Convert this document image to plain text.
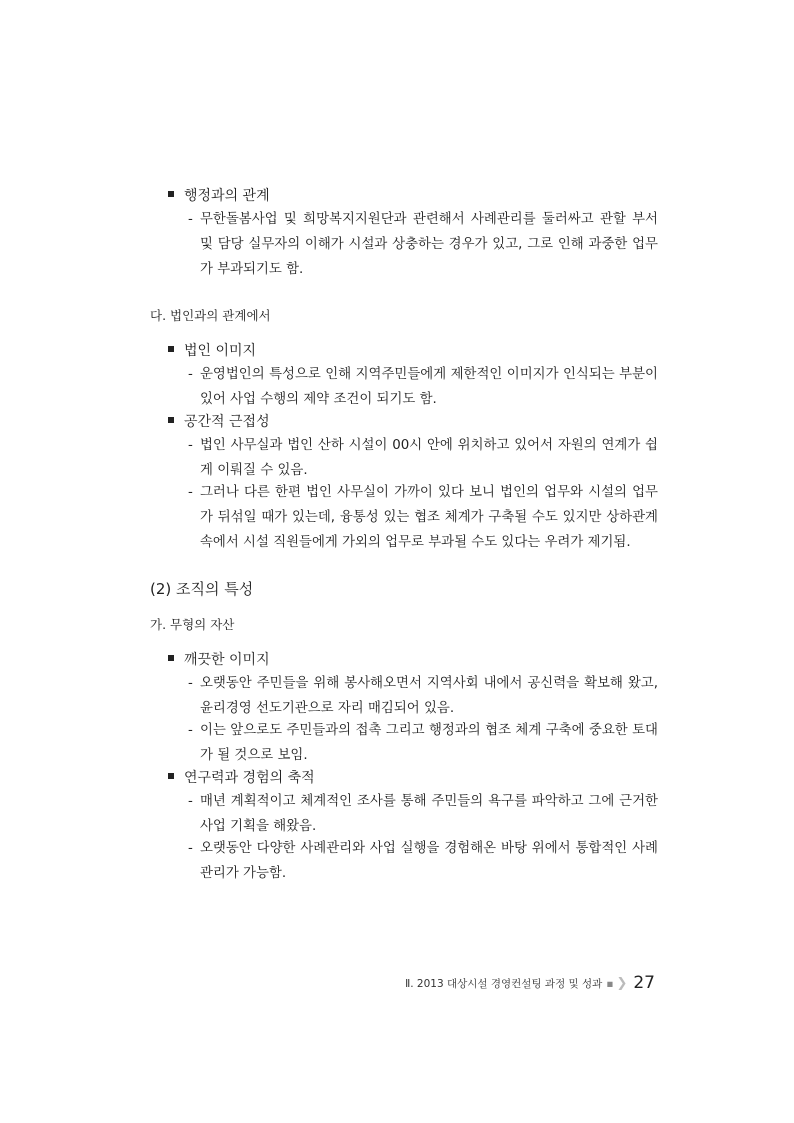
행정과의 관계
- 무한돌봄사업 및 희망복지지원단과 관련해서 사례관리를 둘러싸고 관할 부서 및 담당 실무자의 이해가 시설과 상충하는 경우가 있고, 그로 인해 과중한 업무가 부과되기도 함.
다. 법인과의 관계에서
법인 이미지
- 운영법인의 특성으로 인해 지역주민들에게 제한적인 이미지가 인식되는 부분이 있어 사업 수행의 제약 조건이 되기도 함.
공간적 근접성
- 법인 사무실과 법인 산하 시설이 00시 안에 위치하고 있어서 자원의 연계가 쉽게 이뤄질 수 있음.
- 그러나 다른 한편 법인 사무실이 가까이 있다 보니 법인의 업무와 시설의 업무가 뒤섞일 때가 있는데, 융통성 있는 협조 체계가 구축될 수도 있지만 상하관계 속에서 시설 직원들에게 가외의 업무로 부과될 수도 있다는 우려가 제기됨.
(2) 조직의 특성
가. 무형의 자산
깨끗한 이미지
- 오랫동안 주민들을 위해 봉사해오면서 지역사회 내에서 공신력을 확보해 왔고, 윤리경영 선도기관으로 자리 매김되어 있음.
- 이는 앞으로도 주민들과의 접촉 그리고 행정과의 협조 체계 구축에 중요한 토대가 될 것으로 보임.
연구력과 경험의 축적
- 매년 계획적이고 체계적인 조사를 통해 주민들의 욕구를 파악하고 그에 근거한 사업 기획을 해왔음.
- 오랫동안 다양한 사례관리와 사업 실행을 경험해온 바탕 위에서 통합적인 사례관리가 가능함.
Ⅱ. 2013 대상시설 경영컨설팅 과정 및 성과 ▪ ❯ 27
